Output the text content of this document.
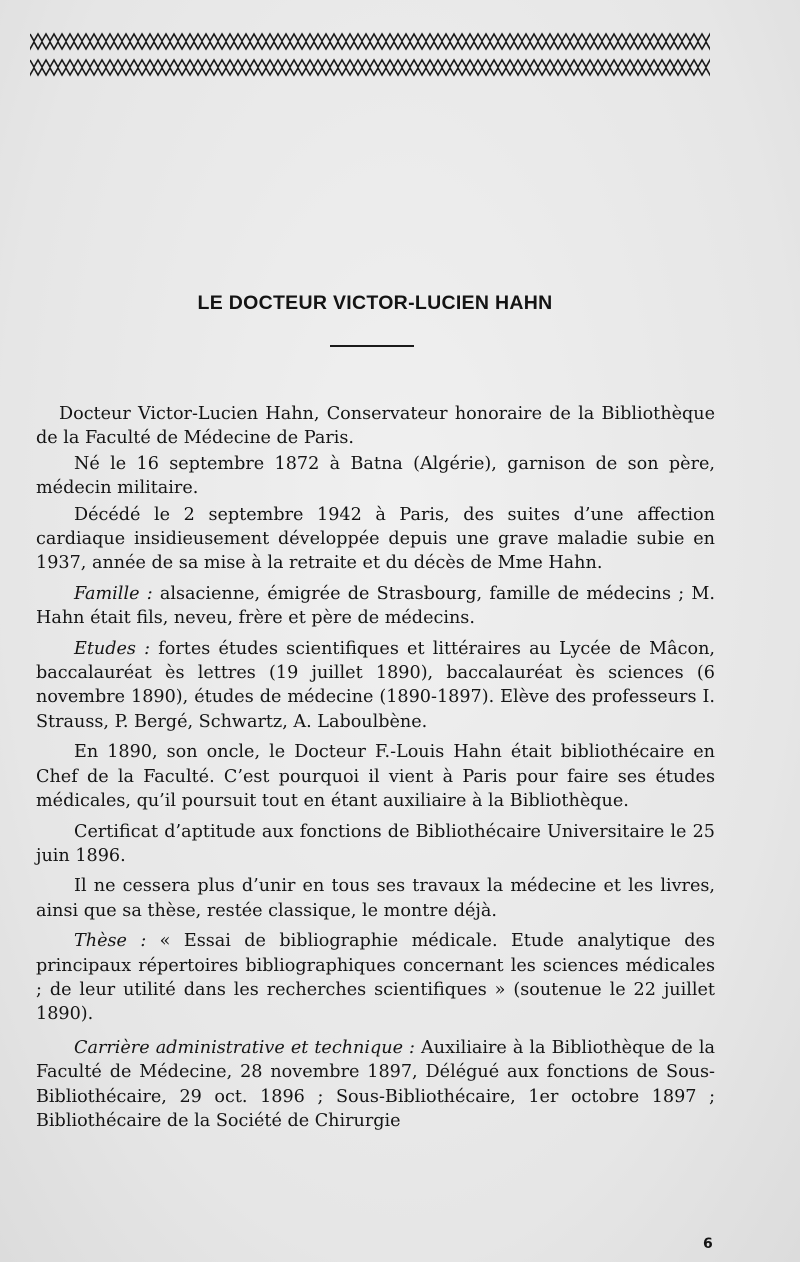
LE DOCTEUR VICTOR-LUCIEN HAHN

Docteur Victor-Lucien Hahn, Conservateur honoraire de la Bibliothèque de la Faculté de Médecine de Paris.

Né le 16 septembre 1872 à Batna (Algérie), garnison de son père, médecin militaire.

Décédé le 2 septembre 1942 à Paris, des suites d’une affection cardiaque insidieusement développée depuis une grave maladie subie en 1937, année de sa mise à la retraite et du décès de Mme Hahn.

Famille : alsacienne, émigrée de Strasbourg, famille de médecins ; M. Hahn était fils, neveu, frère et père de médecins.

Etudes : fortes études scientifiques et littéraires au Lycée de Mâcon, baccalauréat ès lettres (19 juillet 1890), baccalauréat ès sciences (6 novembre 1890), études de médecine (1890-1897). Elève des professeurs I. Strauss, P. Bergé, Schwartz, A. Laboulbène.

En 1890, son oncle, le Docteur F.-Louis Hahn était bibliothécaire en Chef de la Faculté. C’est pourquoi il vient à Paris pour faire ses études médicales, qu’il poursuit tout en étant auxiliaire à la Bibliothèque.

Certificat d’aptitude aux fonctions de Bibliothécaire Universitaire le 25 juin 1896.

Il ne cessera plus d’unir en tous ses travaux la médecine et les livres, ainsi que sa thèse, restée classique, le montre déjà.

Thèse : « Essai de bibliographie médicale. Etude analytique des principaux répertoires bibliographiques concernant les sciences médicales ; de leur utilité dans les recherches scientifiques » (soutenue le 22 juillet 1890).

Carrière administrative et technique : Auxiliaire à la Bibliothèque de la Faculté de Médecine, 28 novembre 1897, Délégué aux fonctions de Sous-Bibliothécaire, 29 oct. 1896 ; Sous-Bibliothécaire, 1er octobre 1897 ; Bibliothécaire de la Société de Chirurgie

6
